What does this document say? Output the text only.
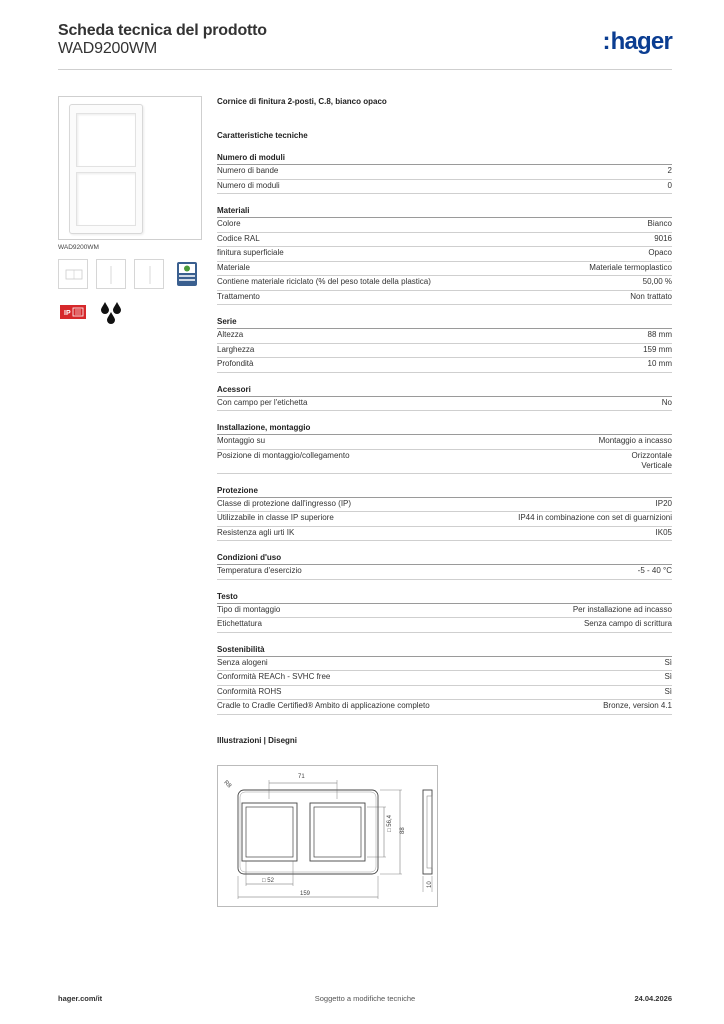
Scheda tecnica del prodotto
WAD9200WM	:hager
WAD9200WM
IP
Cornice di finitura 2-posti, C.8, bianco opaco
Caratteristiche tecniche
Numero di moduli
Numero di bande	2
Numero di moduli	0
Materiali
Colore	Bianco
Codice RAL	9016
finitura superficiale	Opaco
Materiale	Materiale termoplastico
Contiene materiale riciclato (% del peso totale della plastica)	50,00 %
Trattamento	Non trattato
Serie
Altezza	88 mm
Larghezza	159 mm
Profondità	10 mm
Acessori
Con campo per l'etichetta	No
Installazione, montaggio
Montaggio su	Montaggio a incasso
Posizione di montaggio/collegamento	Orizzontale
Verticale
Protezione
Classe di protezione dall'ingresso (IP)	IP20
Utilizzabile in classe IP superiore	IP44 in combinazione con set di guarnizioni
Resistenza agli urti IK	IK05
Condizioni d'uso
Temperatura d'esercizio	-5 - 40 °C
Testo
Tipo di montaggio	Per installazione ad incasso
Etichettatura	Senza campo di scrittura
Sostenibilità
Senza alogeni	Sì
Conformità REACh - SVHC free	Sì
Conformità ROHS	Sì
Cradle to Cradle Certified® Ambito di applicazione completo	Bronze, version 4.1
Illustrazioni | Disegni
71
R8
□ 56,4 88
□ 52
159
10
hager.com/it	Soggetto a modifiche tecniche	24.04.2026
